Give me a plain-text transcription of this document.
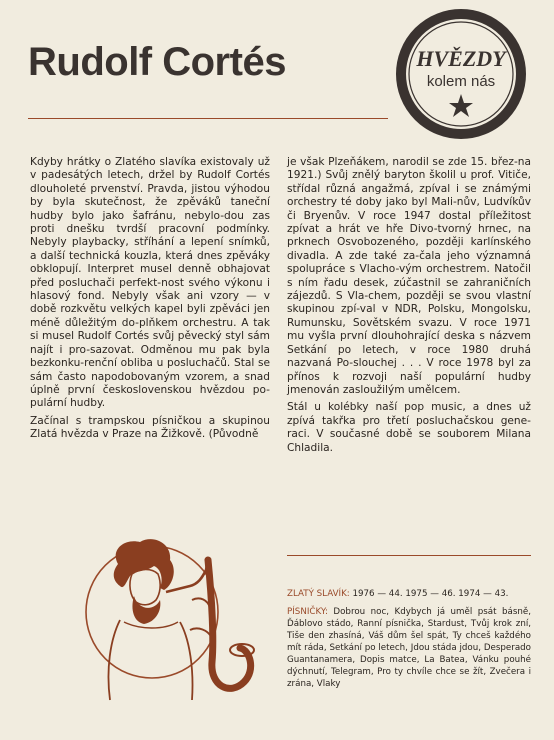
Rudolf Cortés	HVĚZDY
kolem nás

Kdyby hrátky o Zlatého slavíka existovaly už v padesátých letech, držel by Rudolf Cortés dlouholeté prvenství. Pravda, jistou výhodou by byla skutečnost, že zpěváků taneční hudby bylo jako šafránu, nebylo-dou zas proti dnešku tvrdší pracovní podmínky. Nebyly playbacky, stříhání a lepení snímků, a další technická kouzla, která dnes zpěváky obklopují. Interpret musel denně obhajovat před posluchači perfekt-nost svého výkonu i hlasový fond. Nebyly však ani vzory — v době rozkvětu velkých kapel byli zpěváci jen méně důležitým do-plňkem orchestru. A tak si musel Rudolf Cortés svůj pěvecký styl sám najít i pro-sazovat. Odměnou mu pak byla bezkonku-renční obliba u posluchačů. Stal se sám často napodobovaným vzorem, a snad úplně první československou hvězdou po-pulární hudby.

Začínal s trampskou písničkou a skupinou Zlatá hvězda v Praze na Žižkově. (Původně

je však Plzeňákem, narodil se zde 15. břez-na 1921.) Svůj znělý baryton školil u prof. Vitiče, střídal různá angažmá, zpíval i se známými orchestry té doby jako byl Mali-nův, Ludvíkův či Bryenův. V roce 1947 dostal příležitost zpívat a hrát ve hře Divo-tvorný hrnec, na prknech Osvobozeného, později karlínského divadla. A zde také za-čala jeho významná spolupráce s Vlacho-vým orchestrem. Natočil s ním řadu desek, zúčastnil se zahraničních zájezdů. S Vla-chem, později se svou vlastní skupinou zpí-val v NDR, Polsku, Mongolsku, Rumunsku, Sovětském svazu. V roce 1971 mu vyšla první dlouhohrající deska s názvem Setkání po letech, v roce 1980 druhá nazvaná Po-slouchej . . . V roce 1978 byl za přínos k rozvoji naší populární hudby jmenován zasloužilým umělcem.

Stál u kolébky naší pop music, a dnes už zpívá takřka pro třetí posluchačskou gene-raci. V současné době se souborem Milana Chladila.

ZLATÝ SLAVÍK: 1976 — 44. 1975 — 46. 1974 — 43.

PÍSNIČKY: Dobrou noc, Kdybych já uměl psát básně, Ďáblovo stádo, Ranní písnička, Stardust, Tvůj krok zní, Tiše den zhasíná, Váš dům šel spát, Ty chceš každého mít ráda, Setkání po letech, Jdou stáda jdou, Desperado Guantanamera, Dopis matce, La Batea, Vánku pouhé dýchnutí, Telegram, Pro ty chvíle chce se žít, Zvečera i zrána, Vlaky
